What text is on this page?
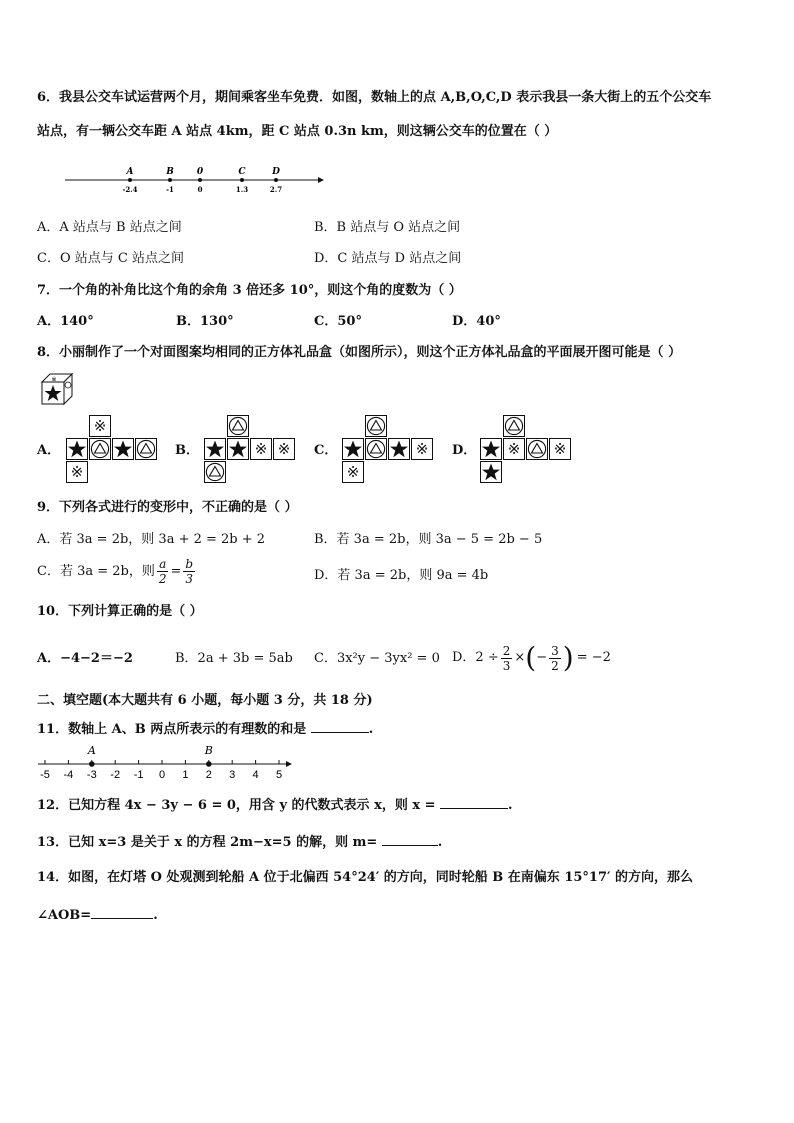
6．我县公交车试运营两个月，期间乘客坐车免费．如图，数轴上的点 A,B,O,C,D 表示我县一条大街上的五个公交车
站点，有一辆公交车距 A 站点 4km，距 C 站点 0.3n km，则这辆公交车的位置在（ ）
A
-2.4
B
-1
0
0
C
1.3
D
2.7
A．A 站点与 B 站点之间	B．B 站点与 O 站点之间
C．O 站点与 C 站点之间	D．C 站点与 D 站点之间
7．一个角的补角比这个角的余角 3 倍还多 10°，则这个角的度数为（ ）
A．140°	B．130°	C．50°	D．40°
8．小丽制作了一个对面图案均相同的正方体礼品盒（如图所示），则这个正方体礼品盒的平面展开图可能是（ ）
※
※
※
※ ※	※
※
※ ※
A．	B．	C．	D．
9．下列各式进行的变形中，不正确的是（ ）
A．若 3a = 2b，则 3a + 2 = 2b + 2	B．若 3a = 2b，则 3a − 5 = 2b − 5
C．若 3a = 2b，则 $\frac{a}{2} = \frac{b}{3}$	D．若 3a = 2b，则 9a = 4b
10．下列计算正确的是（ ）
A．−4−2＝−2	B．2a + 3b = 5ab C．3x²y − 3yx² = 0 D．$2 \div \frac{2}{3}$ × ( − $\frac{3}{2}$ ) = −2
二、填空题(本大题共有 6 小题，每小题 3 分，共 18 分)
11．数轴上 A、B 两点所表示的有理数的和是	.
-5 -4 -3 -2 -1 0 1 2 3 4 5
A	B
12．已知方程 4x − 3y − 6 = 0，用含 y 的代数式表示 x，则 x =	.
13．已知 x=3 是关于 x 的方程 2m−x=5 的解，则 m=	.
14．如图，在灯塔 O 处观测到轮船 A 位于北偏西 54°24′ 的方向，同时轮船 B 在南偏东 15°17′ 的方向，那么
∠AOB=	.
